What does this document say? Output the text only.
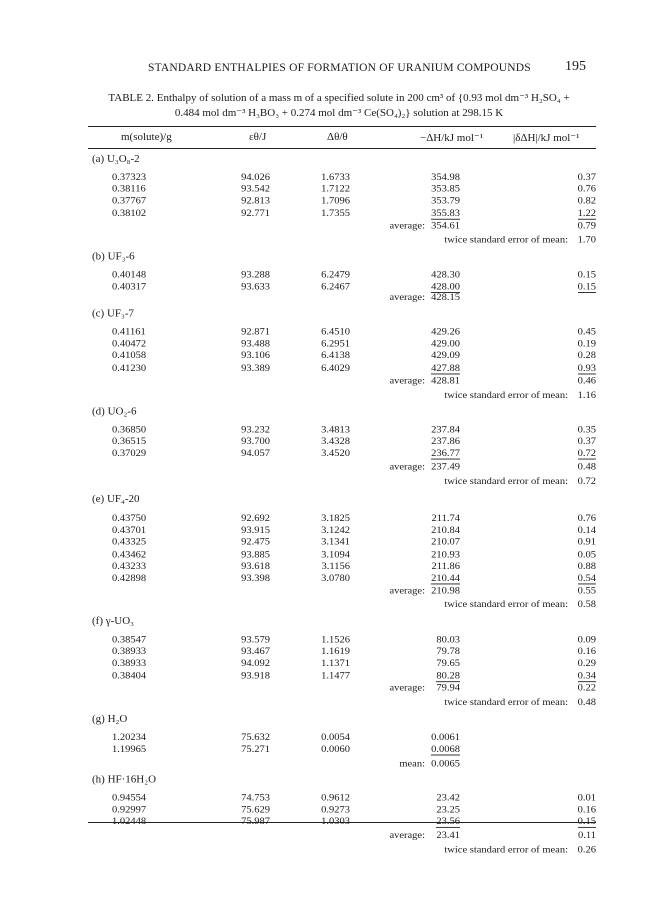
STANDARD ENTHALPIES OF FORMATION OF URANIUM COMPOUNDS 195
TABLE 2. Enthalpy of solution of a mass m of a specified solute in 200 cm³ of {0.93 mol dm⁻³ H₂SO₄ +
0.484 mol dm⁻³ H₃BO₃ + 0.274 mol dm⁻³ Ce(SO₄)₂} solution at 298.15 K
m(solute)/g	εθ/J	Δθ/θ	−ΔH/kJ mol⁻¹	|δΔH|/kJ mol⁻¹
(a) U₃O₈-2
0.37323	94.026	1.6733	354.98	0.37
0.38116	93.542	1.7122	353.85	0.76
0.37767	92.813	1.7096	353.79	0.82
0.38102	92.771	1.7355	355.83	1.22
average: 354.61	0.79
twice standard error of mean: 1.70
(b) UF₃-6
0.40148	93.288	6.2479	428.30	0.15
0.40317	93.633	6.2467	428.00	0.15
average: 428.15
(c) UF₃-7
0.41161	92.871	6.4510	429.26	0.45
0.40472	93.488	6.2951	429.00	0.19
0.41058	93.106	6.4138	429.09	0.28
0.41230	93.389	6.4029	427.88	0.93
average: 428.81	0.46
twice standard error of mean: 1.16
(d) UO₂-6
0.36850	93.232	3.4813	237.84	0.35
0.36515	93.700	3.4328	237.86	0.37
0.37029	94.057	3.4520	236.77	0.72
average: 237.49	0.48
twice standard error of mean: 0.72
(e) UF₄-20
0.43750	92.692	3.1825	211.74	0.76
0.43701	93.915	3.1242	210.84	0.14
0.43325	92.475	3.1341	210.07	0.91
0.43462	93.885	3.1094	210.93	0.05
0.43233	93.618	3.1156	211.86	0.88
0.42898	93.398	3.0780	210.44	0.54
average: 210.98	0.55
twice standard error of mean: 0.58
(f) γ-UO₃
0.38547	93.579	1.1526	80.03	0.09
0.38933	93.467	1.1619	79.78	0.16
0.38933	94.092	1.1371	79.65	0.29
0.38404	93.918	1.1477	80.28	0.34
average: 79.94	0.22
twice standard error of mean: 0.48
(g) H₂O
1.20234	75.632	0.0054	0.0061
1.19965	75.271	0.0060	0.0068
mean: 0.0065
(h) HF·16H₂O
0.94554	74.753	0.9612	23.42	0.01
0.92997	75.629	0.9273	23.25	0.16
1.02448	75.987	1.0303	23.56	0.15
average: 23.41	0.11
twice standard error of mean: 0.26
